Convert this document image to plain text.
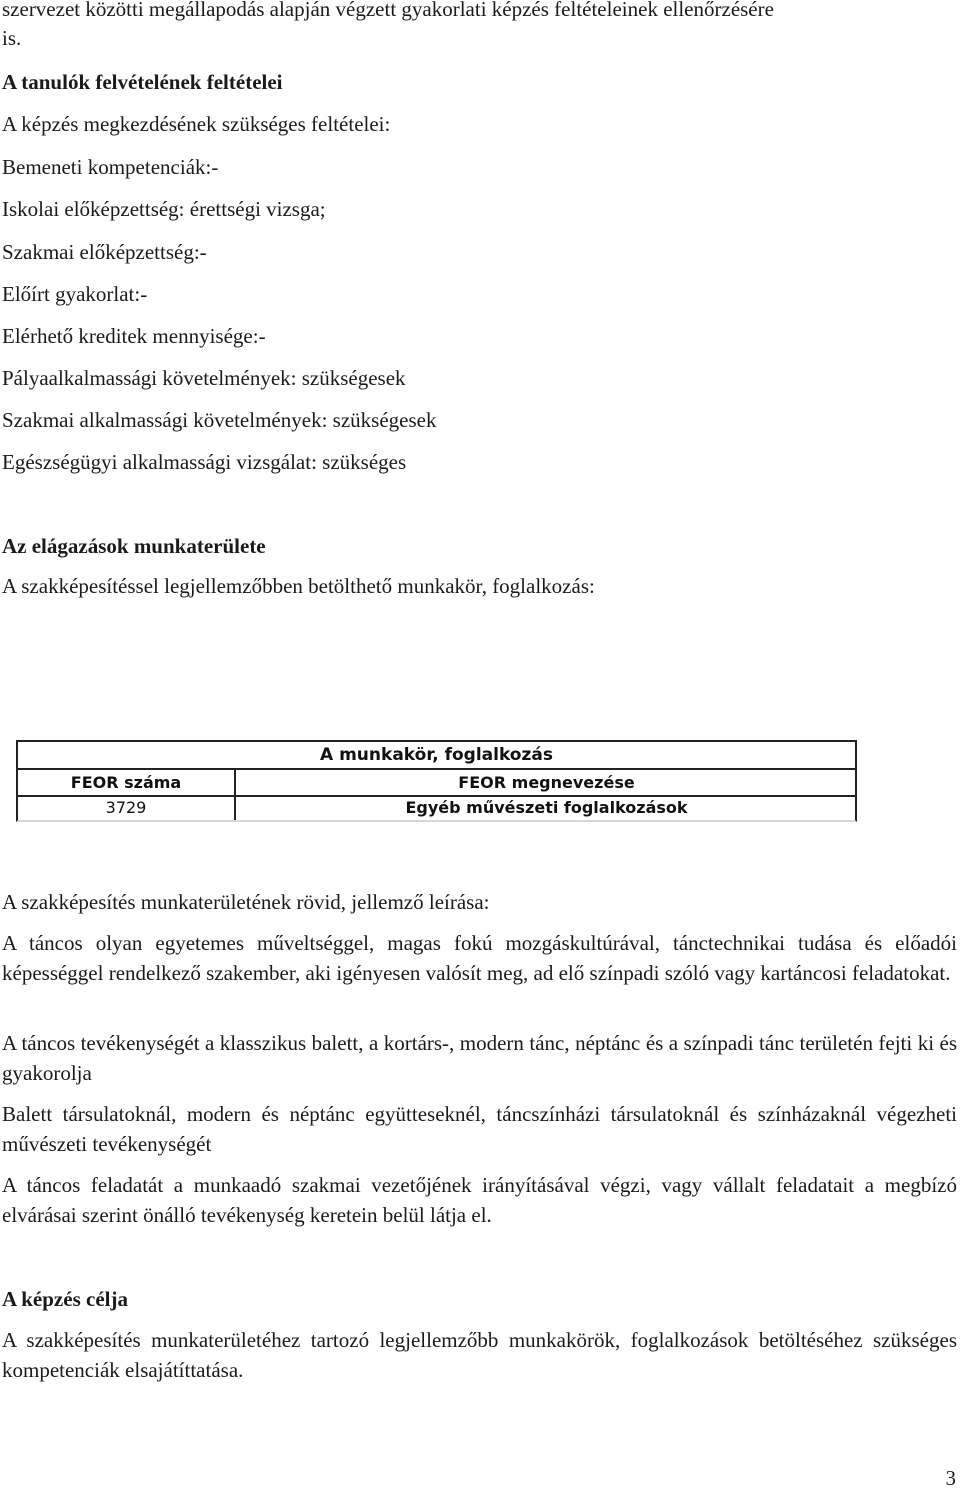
szervezet közötti megállapodás alapján végzett gyakorlati képzés feltételeinek ellenőrzésére
is.
A tanulók felvételének feltételei
A képzés megkezdésének szükséges feltételei:
Bemeneti kompetenciák:-
Iskolai előképzettség: érettségi vizsga;
Szakmai előképzettség:-
Előírt gyakorlat:-
Elérhető kreditek mennyisége:-
Pályaalkalmassági követelmények: szükségesek
Szakmai alkalmassági követelmények: szükségesek
Egészségügyi alkalmassági vizsgálat: szükséges
Az elágazások munkaterülete
A szakképesítéssel legjellemzőbben betölthető munkakör, foglalkozás:
A munkakör, foglalkozás
FEOR száma	FEOR megnevezése
3729	Egyéb művészeti foglalkozások
A szakképesítés munkaterületének rövid, jellemző leírása:
A táncos olyan egyetemes műveltséggel, magas fokú mozgáskultúrával, tánctechnikai tudása és előadói képességgel rendelkező szakember, aki igényesen valósít meg, ad elő színpadi szóló vagy kartáncosi feladatokat.
A táncos tevékenységét a klasszikus balett, a kortárs-, modern tánc, néptánc és a színpadi tánc területén fejti ki és gyakorolja
Balett társulatoknál, modern és néptánc együtteseknél, táncszínházi társulatoknál és színházaknál végezheti művészeti tevékenységét
A táncos feladatát a munkaadó szakmai vezetőjének irányításával végzi, vagy vállalt feladatait a megbízó elvárásai szerint önálló tevékenység keretein belül látja el.
A képzés célja
A szakképesítés munkaterületéhez tartozó legjellemzőbb munkakörök, foglalkozások betöltéséhez szükséges kompetenciák elsajátíttatása.
3
